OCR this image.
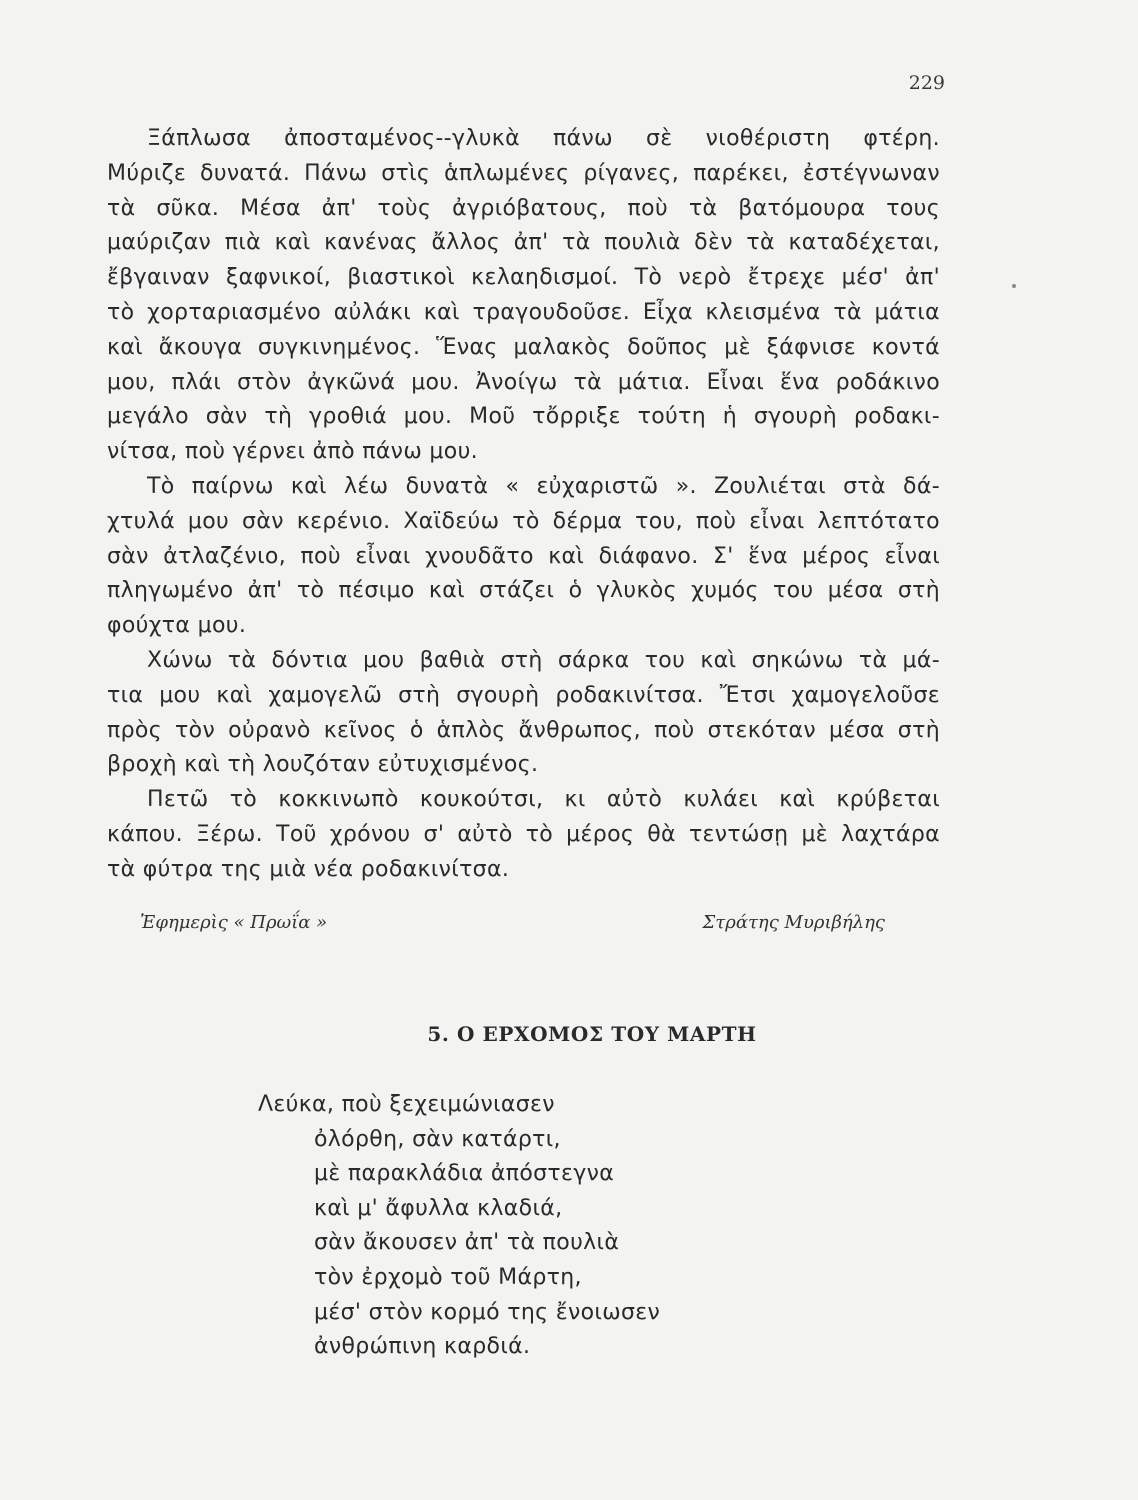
229

Ξάπλωσα ἀποσταμένος--γλυκὰ πάνω σὲ νιοθέριστη φτέρη.
Μύριζε δυνατά. Πάνω στὶς ἁπλωμένες ρίγανες, παρέκει, ἐστέγνωναν
τὰ σῦκα. Μέσα ἀπ' τοὺς ἀγριόβατους, ποὺ τὰ βατόμουρα τους
μαύριζαν πιὰ καὶ κανένας ἄλλος ἀπ' τὰ πουλιὰ δὲν τὰ καταδέχεται,
ἔβγαιναν ξαφνικοί, βιαστικοὶ κελαηδισμοί. Τὸ νερὸ ἔτρεχε μέσ' ἀπ'
τὸ χορταριασμένο αὐλάκι καὶ τραγουδοῦσε. Εἶχα κλεισμένα τὰ μάτια
καὶ ἄκουγα συγκινημένος. Ἕνας μαλακὸς δοῦπος μὲ ξάφνισε κοντά
μου, πλάι στὸν ἀγκῶνά μου. Ἀνοίγω τὰ μάτια. Εἶναι ἕνα ροδάκινο
μεγάλο σὰν τὴ γροθιά μου. Μοῦ τὄρριξε τούτη ἡ σγουρὴ ροδακι-
νίτσα, ποὺ γέρνει ἀπὸ πάνω μου.

Τὸ παίρνω καὶ λέω δυνατὰ « εὐχαριστῶ ». Ζουλιέται στὰ δά-
χτυλά μου σὰν κερένιο. Χαϊδεύω τὸ δέρμα του, ποὺ εἶναι λεπτότατο
σὰν ἀτλαζένιο, ποὺ εἶναι χνουδᾶτο καὶ διάφανο. Σ' ἕνα μέρος εἶναι
πληγωμένο ἀπ' τὸ πέσιμο καὶ στάζει ὁ γλυκὸς χυμός του μέσα στὴ
φούχτα μου.

Χώνω τὰ δόντια μου βαθιὰ στὴ σάρκα του καὶ σηκώνω τὰ μά-
τια μου καὶ χαμογελῶ στὴ σγουρὴ ροδακινίτσα. Ἔτσι χαμογελοῦσε
πρὸς τὸν οὐρανὸ κεῖνος ὁ ἁπλὸς ἄνθρωπος, ποὺ στεκόταν μέσα στὴ
βροχὴ καὶ τὴ λουζόταν εὐτυχισμένος.

Πετῶ τὸ κοκκινωπὸ κουκούτσι, κι αὐτὸ κυλάει καὶ κρύβεται
κάπου. Ξέρω. Τοῦ χρόνου σ' αὐτὸ τὸ μέρος θὰ τεντώσῃ μὲ λαχτάρα
τὰ φύτρα της μιὰ νέα ροδακινίτσα.

Ἐφημερὶς « Πρωΐα »	Στράτης Μυριβήλης
5. Ο ΕΡΧΟΜΟΣ ΤΟΥ ΜΑΡΤΗ
Λεύκα, ποὺ ξεχειμώνιασεν
ὀλόρθη, σὰν κατάρτι,
μὲ παρακλάδια ἀπόστεγνα
καὶ μ' ἄφυλλα κλαδιά,
σὰν ἄκουσεν ἀπ' τὰ πουλιὰ
τὸν ἐρχομὸ τοῦ Μάρτη,
μέσ' στὸν κορμό της ἔνοιωσεν
ἀνθρώπινη καρδιά.
